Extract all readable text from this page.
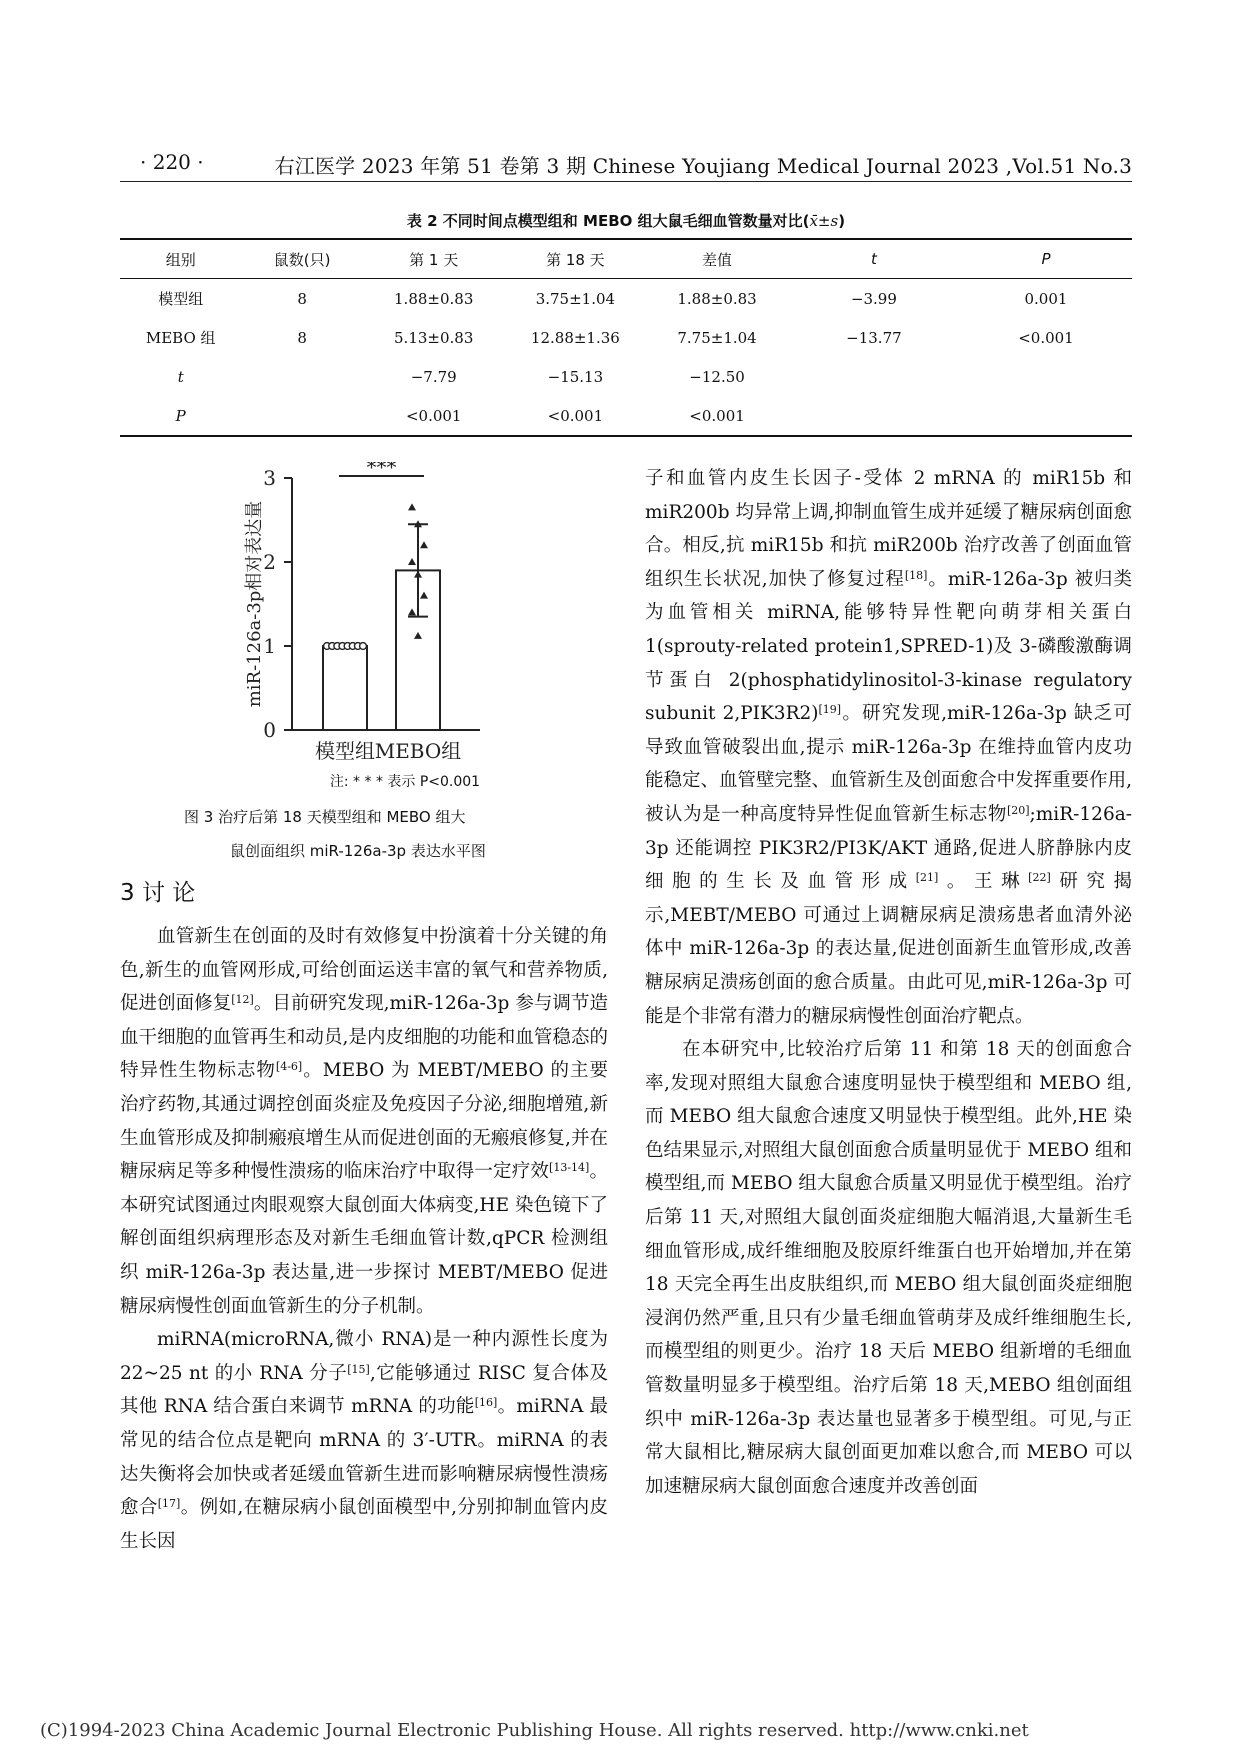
· 220 ·	右江医学 2023 年第 51 卷第 3 期 Chinese Youjiang Medical Journal 2023 ,Vol.51 No.3
表 2 不同时间点模型组和 MEBO 组大鼠毛细血管数量对比(x̄±s)
组别	鼠数(只)	第 1 天	第 18 天	差值	t	P
模型组	8	1.88±0.83	3.75±1.04	1.88±0.83	−3.99	0.001
MEBO 组	8	5.13±0.83	12.88±1.36	7.75±1.04	−13.77	<0.001
t		−7.79	−15.13	−12.50		
P		<0.001	<0.001	<0.001		
0
1
2
3
miR-126a-3p相对表达量
模型组 MEBO组
***
注: * * * 表示 P<0.001
图 3 治疗后第 18 天模型组和 MEBO 组大
鼠创面组织 miR-126a-3p 表达水平图
3 讨 论

血管新生在创面的及时有效修复中扮演着十分关键的角色,新生的血管网形成,可给创面运送丰富的氧气和营养物质,促进创面修复[12]。目前研究发现,miR-126a-3p 参与调节造血干细胞的血管再生和动员,是内皮细胞的功能和血管稳态的特异性生物标志物[4-6]。MEBO 为 MEBT/MEBO 的主要治疗药物,其通过调控创面炎症及免疫因子分泌,细胞增殖,新生血管形成及抑制瘢痕增生从而促进创面的无瘢痕修复,并在糖尿病足等多种慢性溃疡的临床治疗中取得一定疗效[13-14]。本研究试图通过肉眼观察大鼠创面大体病变,HE 染色镜下了解创面组织病理形态及对新生毛细血管计数,qPCR 检测组织 miR-126a-3p 表达量,进一步探讨 MEBT/MEBO 促进糖尿病慢性创面血管新生的分子机制。

miRNA(microRNA,微小 RNA)是一种内源性长度为 22~25 nt 的小 RNA 分子[15],它能够通过 RISC 复合体及其他 RNA 结合蛋白来调节 mRNA 的功能[16]。miRNA 最常见的结合位点是靶向 mRNA 的 3′-UTR。miRNA 的表达失衡将会加快或者延缓血管新生进而影响糖尿病慢性溃疡愈合[17]。例如,在糖尿病小鼠创面模型中,分别抑制血管内皮生长因

子和血管内皮生长因子-受体 2 mRNA 的 miR15b 和 miR200b 均异常上调,抑制血管生成并延缓了糖尿病创面愈合。相反,抗 miR15b 和抗 miR200b 治疗改善了创面血管组织生长状况,加快了修复过程[18]。miR-126a-3p 被归类为血管相关 miRNA,能够特异性靶向萌芽相关蛋白 1(sprouty-related protein1,SPRED-1)及 3-磷酸激酶调节蛋白 2(phosphatidylinositol-3-kinase regulatory subunit 2,PIK3R2)[19]。研究发现,miR-126a-3p 缺乏可导致血管破裂出血,提示 miR-126a-3p 在维持血管内皮功能稳定、血管壁完整、血管新生及创面愈合中发挥重要作用,被认为是一种高度特异性促血管新生标志物[20];miR-126a-3p 还能调控 PIK3R2/PI3K/AKT 通路,促进人脐静脉内皮细胞的生长及血管形成[21]。王琳[22]研究揭示,MEBT/MEBO 可通过上调糖尿病足溃疡患者血清外泌体中 miR-126a-3p 的表达量,促进创面新生血管形成,改善糖尿病足溃疡创面的愈合质量。由此可见,miR-126a-3p 可能是个非常有潜力的糖尿病慢性创面治疗靶点。

在本研究中,比较治疗后第 11 和第 18 天的创面愈合率,发现对照组大鼠愈合速度明显快于模型组和 MEBO 组,而 MEBO 组大鼠愈合速度又明显快于模型组。此外,HE 染色结果显示,对照组大鼠创面愈合质量明显优于 MEBO 组和模型组,而 MEBO 组大鼠愈合质量又明显优于模型组。治疗后第 11 天,对照组大鼠创面炎症细胞大幅消退,大量新生毛细血管形成,成纤维细胞及胶原纤维蛋白也开始增加,并在第 18 天完全再生出皮肤组织,而 MEBO 组大鼠创面炎症细胞浸润仍然严重,且只有少量毛细血管萌芽及成纤维细胞生长,而模型组的则更少。治疗 18 天后 MEBO 组新增的毛细血管数量明显多于模型组。治疗后第 18 天,MEBO 组创面组织中 miR-126a-3p 表达量也显著多于模型组。可见,与正常大鼠相比,糖尿病大鼠创面更加难以愈合,而 MEBO 可以加速糖尿病大鼠创面愈合速度并改善创面

(C)1994-2023 China Academic Journal Electronic Publishing House. All rights reserved. http://www.cnki.net
